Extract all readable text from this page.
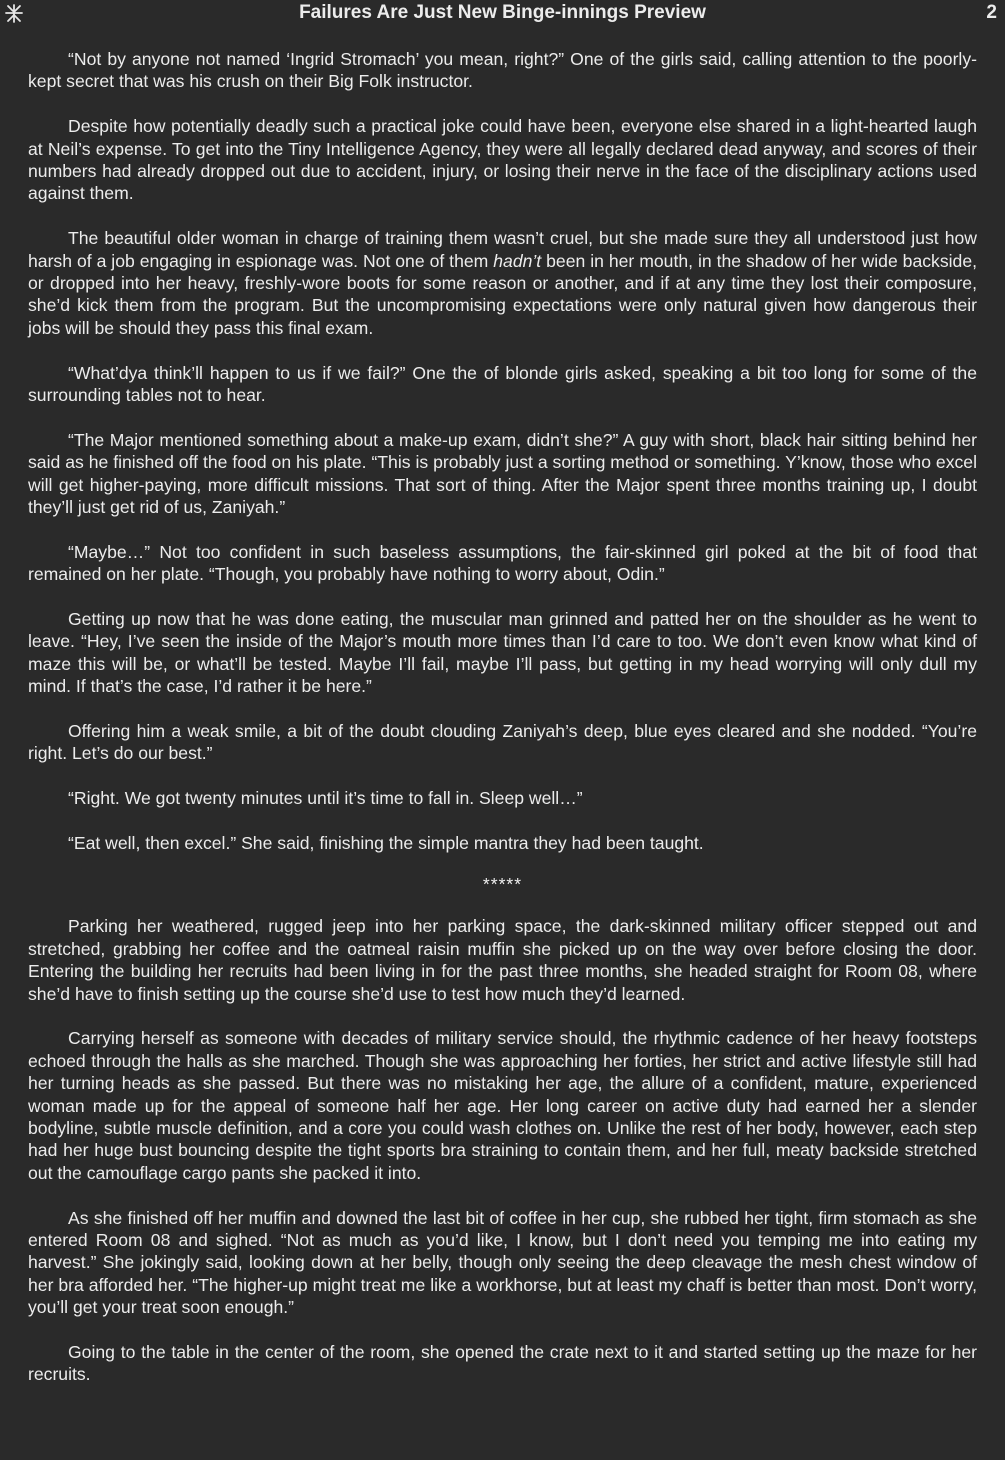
Failures Are Just New Binge-innings Preview	2

“Not by anyone not named ‘Ingrid Stromach’ you mean, right?” One of the girls said, calling attention to the poorly-kept secret that was his crush on their Big Folk instructor.

Despite how potentially deadly such a practical joke could have been, everyone else shared in a light-hearted laugh at Neil’s expense. To get into the Tiny Intelligence Agency, they were all legally declared dead anyway, and scores of their numbers had already dropped out due to accident, injury, or losing their nerve in the face of the disciplinary actions used against them.

The beautiful older woman in charge of training them wasn’t cruel, but she made sure they all understood just how harsh of a job engaging in espionage was. Not one of them hadn’t been in her mouth, in the shadow of her wide backside, or dropped into her heavy, freshly-wore boots for some reason or another, and if at any time they lost their composure, she’d kick them from the program. But the uncompromising expectations were only natural given how dangerous their jobs will be should they pass this final exam.

“What’dya think’ll happen to us if we fail?” One the of blonde girls asked, speaking a bit too long for some of the surrounding tables not to hear.

“The Major mentioned something about a make-up exam, didn’t she?” A guy with short, black hair sitting behind her said as he finished off the food on his plate. “This is probably just a sorting method or something. Y’know, those who excel will get higher-paying, more difficult missions. That sort of thing. After the Major spent three months training up, I doubt they’ll just get rid of us, Zaniyah.”

“Maybe…” Not too confident in such baseless assumptions, the fair-skinned girl poked at the bit of food that remained on her plate. “Though, you probably have nothing to worry about, Odin.”

Getting up now that he was done eating, the muscular man grinned and patted her on the shoulder as he went to leave. “Hey, I’ve seen the inside of the Major’s mouth more times than I’d care to too. We don’t even know what kind of maze this will be, or what’ll be tested. Maybe I’ll fail, maybe I’ll pass, but getting in my head worrying will only dull my mind. If that’s the case, I’d rather it be here.”

Offering him a weak smile, a bit of the doubt clouding Zaniyah’s deep, blue eyes cleared and she nodded. “You’re right. Let’s do our best.”

“Right. We got twenty minutes until it’s time to fall in. Sleep well…”

“Eat well, then excel.” She said, finishing the simple mantra they had been taught.

*****

Parking her weathered, rugged jeep into her parking space, the dark-skinned military officer stepped out and stretched, grabbing her coffee and the oatmeal raisin muffin she picked up on the way over before closing the door. Entering the building her recruits had been living in for the past three months, she headed straight for Room 08, where she’d have to finish setting up the course she’d use to test how much they’d learned.

Carrying herself as someone with decades of military service should, the rhythmic cadence of her heavy footsteps echoed through the halls as she marched. Though she was approaching her forties, her strict and active lifestyle still had her turning heads as she passed. But there was no mistaking her age, the allure of a confident, mature, experienced woman made up for the appeal of someone half her age. Her long career on active duty had earned her a slender bodyline, subtle muscle definition, and a core you could wash clothes on. Unlike the rest of her body, however, each step had her huge bust bouncing despite the tight sports bra straining to contain them, and her full, meaty backside stretched out the camouflage cargo pants she packed it into.

As she finished off her muffin and downed the last bit of coffee in her cup, she rubbed her tight, firm stomach as she entered Room 08 and sighed. “Not as much as you’d like, I know, but I don’t need you temping me into eating my harvest.” She jokingly said, looking down at her belly, though only seeing the deep cleavage the mesh chest window of her bra afforded her. “The higher-up might treat me like a workhorse, but at least my chaff is better than most. Don’t worry, you’ll get your treat soon enough.”

Going to the table in the center of the room, she opened the crate next to it and started setting up the maze for her recruits.
